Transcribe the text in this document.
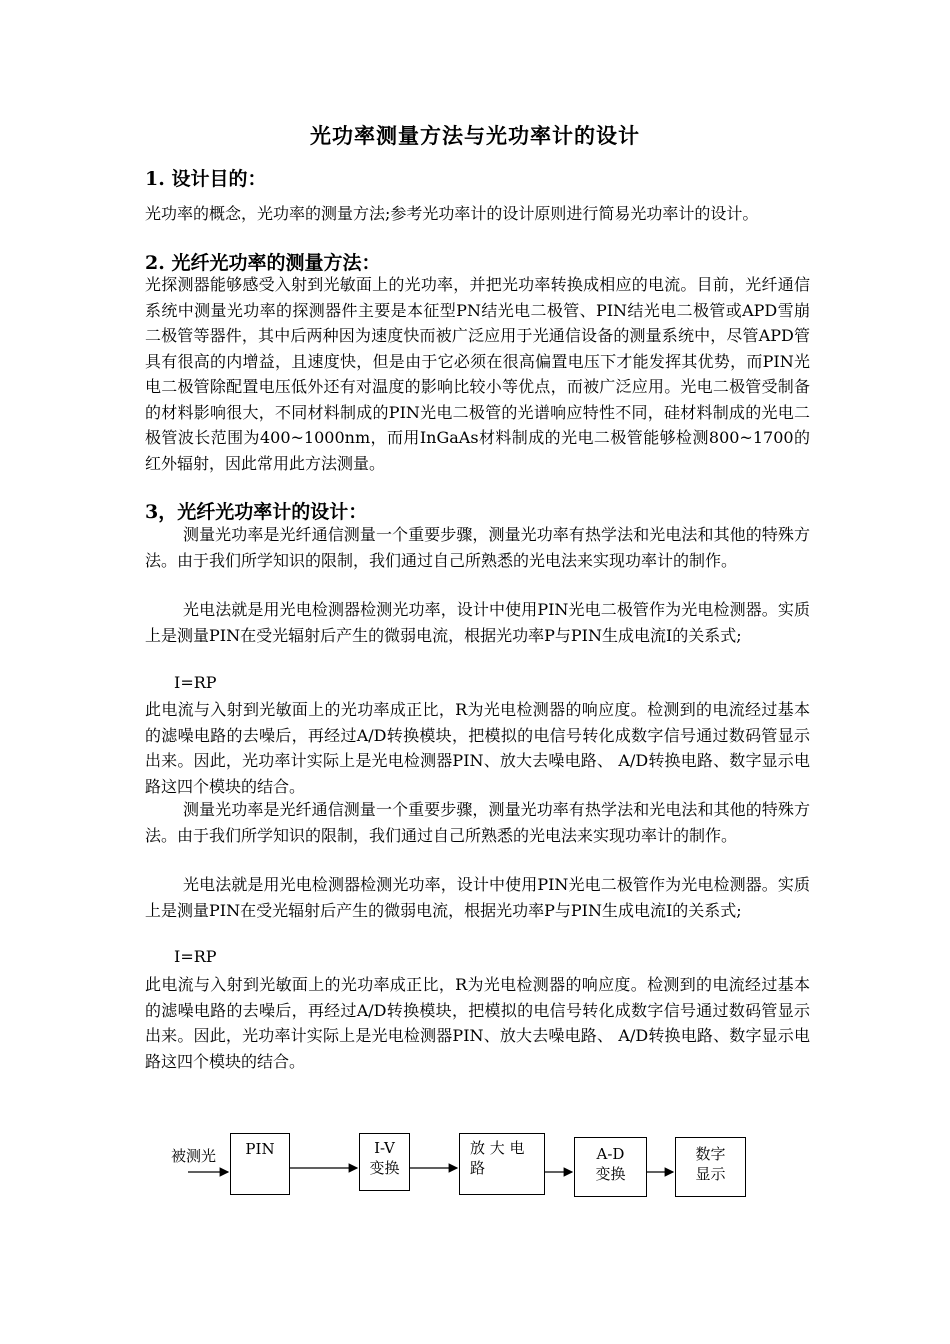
光功率测量方法与光功率计的设计
1. 设计目的：
光功率的概念，光功率的测量方法;参考光功率计的设计原则进行简易光功率计的设计。
2. 光纤光功率的测量方法：
光探测器能够感受入射到光敏面上的光功率，并把光功率转换成相应的电流。目前，光纤通信系统中测量光功率的探测器件主要是本征型PN结光电二极管、PIN结光电二极管或APD雪崩二极管等器件，其中后两种因为速度快而被广泛应用于光通信设备的测量系统中，尽管APD管具有很高的内增益，且速度快，但是由于它必须在很高偏置电压下才能发挥其优势，而PIN光电二极管除配置电压低外还有对温度的影响比较小等优点，而被广泛应用。光电二极管受制备的材料影响很大，不同材料制成的PIN光电二极管的光谱响应特性不同，硅材料制成的光电二极管波长范围为400~1000nm，而用InGaAs材料制成的光电二极管能够检测800~1700的红外辐射，因此常用此方法测量。
3，光纤光功率计的设计：
测量光功率是光纤通信测量一个重要步骤，测量光功率有热学法和光电法和其他的特殊方法。由于我们所学知识的限制，我们通过自己所熟悉的光电法来实现功率计的制作。
光电法就是用光电检测器检测光功率，设计中使用PIN光电二极管作为光电检测器。实质上是测量PIN在受光辐射后产生的微弱电流，根据光功率P与PIN生成电流I的关系式;
I=RP
此电流与入射到光敏面上的光功率成正比，R为光电检测器的响应度。检测到的电流经过基本的滤噪电路的去噪后，再经过A/D转换模块，把模拟的电信号转化成数字信号通过数码管显示出来。因此，光功率计实际上是光电检测器PIN、放大去噪电路、 A/D转换电路、数字显示电路这四个模块的结合。
测量光功率是光纤通信测量一个重要步骤，测量光功率有热学法和光电法和其他的特殊方法。由于我们所学知识的限制，我们通过自己所熟悉的光电法来实现功率计的制作。
光电法就是用光电检测器检测光功率，设计中使用PIN光电二极管作为光电检测器。实质上是测量PIN在受光辐射后产生的微弱电流，根据光功率P与PIN生成电流I的关系式;
I=RP
此电流与入射到光敏面上的光功率成正比，R为光电检测器的响应度。检测到的电流经过基本的滤噪电路的去噪后，再经过A/D转换模块，把模拟的电信号转化成数字信号通过数码管显示出来。因此，光功率计实际上是光电检测器PIN、放大去噪电路、 A/D转换电路、数字显示电路这四个模块的结合。
被测光	PIN	I-V
变换
放 大 电
路
A-D
变换
数字
显示
